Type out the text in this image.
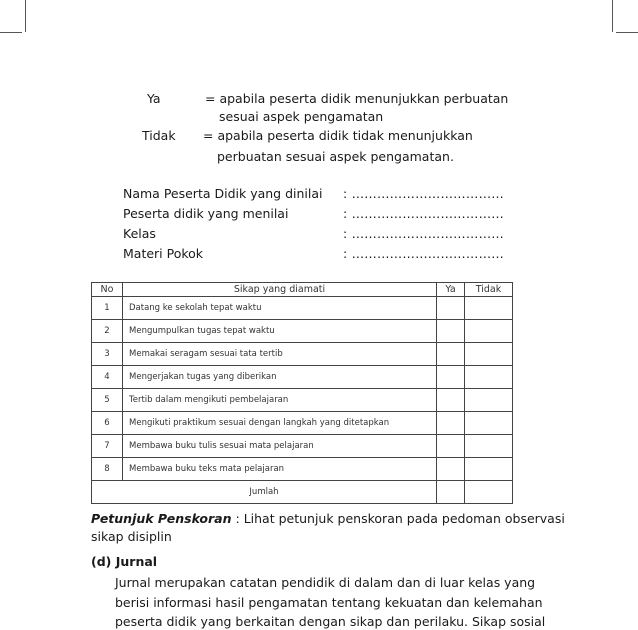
Ya	= apabila peserta didik menunjukkan perbuatan
sesuai aspek pengamatan
Tidak = apabila peserta didik tidak menunjukkan
perbuatan sesuai aspek pengamatan.
Nama Peserta Didik yang dinilai : ………………………………
Peserta didik yang menilai	: ………………………………
Kelas	: ………………………………
Materi Pokok	: ………………………………
No	Sikap yang diamati	Ya	Tidak
1	Datang ke sekolah tepat waktu		
2	Mengumpulkan tugas tepat waktu		
3	Memakai seragam sesuai tata tertib		
4	Mengerjakan tugas yang diberikan		
5	Tertib dalam mengikuti pembelajaran		
6	Mengikuti praktikum sesuai dengan langkah yang ditetapkan		
7	Membawa buku tulis sesuai mata pelajaran		
8	Membawa buku teks mata pelajaran		
Jumlah			
Petunjuk Penskoran : Lihat petunjuk penskoran pada pedoman observasi
sikap disiplin
(d) Jurnal
Jurnal merupakan catatan pendidik di dalam dan di luar kelas yang
berisi informasi hasil pengamatan tentang kekuatan dan kelemahan
peserta didik yang berkaitan dengan sikap dan perilaku. Sikap sosial
